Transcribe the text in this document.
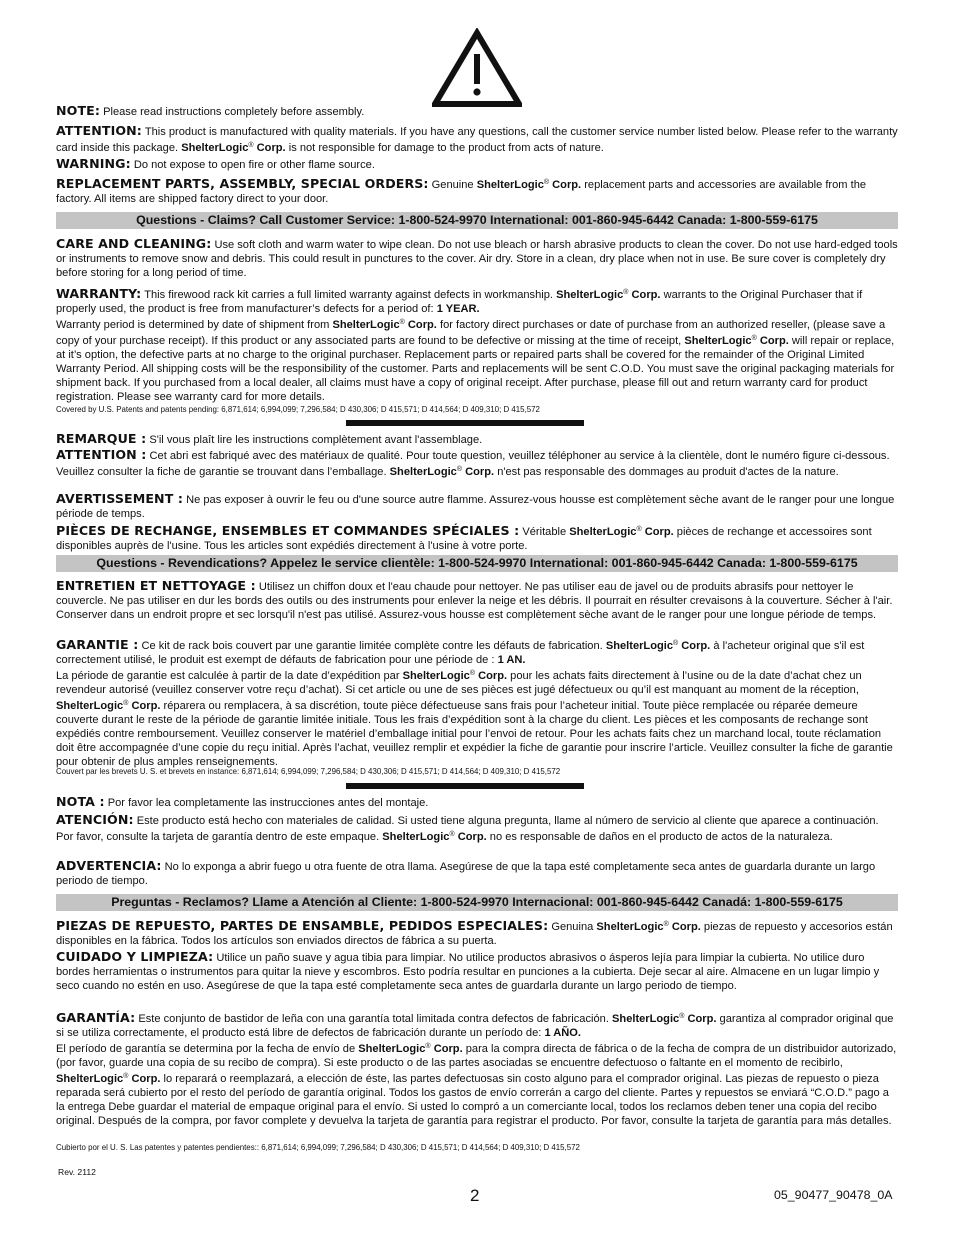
NOTE: Please read instructions completely before assembly.

ATTENTION: This product is manufactured with quality materials. If you have any questions, call the customer service number listed below. Please refer to the warranty card inside this package. ShelterLogic® Corp. is not responsible for damage to the product from acts of nature.

WARNING: Do not expose to open fire or other flame source.

REPLACEMENT PARTS, ASSEMBLY, SPECIAL ORDERS: Genuine ShelterLogic® Corp. replacement parts and accessories are available from the factory. All items are shipped factory direct to your door.

Questions - Claims? Call Customer Service: 1-800-524-9970 International: 001-860-945-6442 Canada: 1-800-559-6175

CARE AND CLEANING: Use soft cloth and warm water to wipe clean. Do not use bleach or harsh abrasive products to clean the cover. Do not use hard-edged tools or instruments to remove snow and debris. This could result in punctures to the cover. Air dry. Store in a clean, dry place when not in use. Be sure cover is completely dry before storing for a long period of time.

WARRANTY: This firewood rack kit carries a full limited warranty against defects in workmanship. ShelterLogic® Corp. warrants to the Original Purchaser that if properly used, the product is free from manufacturer’s defects for a period of: 1 YEAR.
Warranty period is determined by date of shipment from ShelterLogic® Corp. for factory direct purchases or date of purchase from an authorized reseller, (please save a copy of your purchase receipt). If this product or any associated parts are found to be defective or missing at the time of receipt, ShelterLogic® Corp. will repair or replace, at it’s option, the defective parts at no charge to the original purchaser. Replacement parts or repaired parts shall be covered for the remainder of the Original Limited Warranty Period. All shipping costs will be the responsibility of the customer. Parts and replacements will be sent C.O.D. You must save the original packaging materials for shipment back. If you purchased from a local dealer, all claims must have a copy of original receipt. After purchase, please fill out and return warranty card for product registration. Please see warranty card for more details.

Covered by U.S. Patents and patents pending: 6,871,614; 6,994,099; 7,296,584; D 430,306; D 415,571; D 414,564; D 409,310; D 415,572

REMARQUE : S'il vous plaît lire les instructions complètement avant l'assemblage.

ATTENTION : Cet abri est fabriqué avec des matériaux de qualité. Pour toute question, veuillez téléphoner au service à la clientèle, dont le numéro figure ci-dessous. Veuillez consulter la fiche de garantie se trouvant dans l’emballage. ShelterLogic® Corp. n'est pas responsable des dommages au produit d'actes de la nature.

AVERTISSEMENT : Ne pas exposer à ouvrir le feu ou d'une source autre flamme. Assurez-vous housse est complètement sèche avant de le ranger pour une longue période de temps.

PIÈCES DE RECHANGE, ENSEMBLES ET COMMANDES SPÉCIALES : Véritable ShelterLogic® Corp. pièces de rechange et accessoires sont disponibles auprès de l'usine. Tous les articles sont expédiés directement à l'usine à votre porte.

Questions - Revendications? Appelez le service clientèle: 1-800-524-9970 International: 001-860-945-6442 Canada: 1-800-559-6175

ENTRETIEN ET NETTOYAGE : Utilisez un chiffon doux et l'eau chaude pour nettoyer. Ne pas utiliser eau de javel ou de produits abrasifs pour nettoyer le couvercle. Ne pas utiliser en dur les bords des outils ou des instruments pour enlever la neige et les débris. Il pourrait en résulter crevaisons à la couverture. Sécher à l'air. Conserver dans un endroit propre et sec lorsqu'il n'est pas utilisé. Assurez-vous housse est complètement sèche avant de le ranger pour une longue période de temps.

GARANTIE : Ce kit de rack bois couvert par une garantie limitée complète contre les défauts de fabrication. ShelterLogic® Corp. à l'acheteur original que s'il est correctement utilisé, le produit est exempt de défauts de fabrication pour une période de : 1 AN.
La période de garantie est calculée à partir de la date d’expédition par ShelterLogic® Corp. pour les achats faits directement à l’usine ou de la date d’achat chez un revendeur autorisé (veuillez conserver votre reçu d’achat). Si cet article ou une de ses pièces est jugé défectueux ou qu’il est manquant au moment de la réception, ShelterLogic® Corp. réparera ou remplacera, à sa discrétion, toute pièce défectueuse sans frais pour l’acheteur initial. Toute pièce remplacée ou réparée demeure couverte durant le reste de la période de garantie limitée initiale. Tous les frais d’expédition sont à la charge du client. Les pièces et les composants de rechange sont expédiés contre remboursement. Veuillez conserver le matériel d’emballage initial pour l’envoi de retour. Pour les achats faits chez un marchand local, toute réclamation doit être accompagnée d’une copie du reçu initial. Après l’achat, veuillez remplir et expédier la fiche de garantie pour inscrire l’article. Veuillez consulter la fiche de garantie pour obtenir de plus amples renseignements.

Couvert par les brevets U. S. et brevets en instance: 6,871,614; 6,994,099; 7,296,584; D 430,306; D 415,571; D 414,564; D 409,310; D 415,572

NOTA : Por favor lea completamente las instrucciones antes del montaje.

ATENCIÓN: Este producto está hecho con materiales de calidad. Si usted tiene alguna pregunta, llame al número de servicio al cliente que aparece a continuación. Por favor, consulte la tarjeta de garantía dentro de este empaque. ShelterLogic® Corp. no es responsable de daños en el producto de actos de la naturaleza.

ADVERTENCIA: No lo exponga a abrir fuego u otra fuente de otra llama. Asegúrese de que la tapa esté completamente seca antes de guardarla durante un largo periodo de tiempo.

Preguntas - Reclamos? Llame a Atención al Cliente: 1-800-524-9970 Internacional: 001-860-945-6442 Canadá: 1-800-559-6175

PIEZAS DE REPUESTO, PARTES DE ENSAMBLE, PEDIDOS ESPECIALES: Genuina ShelterLogic® Corp. piezas de repuesto y accesorios están disponibles en la fábrica. Todos los artículos son enviados directos de fábrica a su puerta.

CUIDADO Y LIMPIEZA: Utilice un paño suave y agua tibia para limpiar. No utilice productos abrasivos o ásperos lejía para limpiar la cubierta. No utilice duro bordes herramientas o instrumentos para quitar la nieve y escombros. Esto podría resultar en punciones a la cubierta. Deje secar al aire. Almacene en un lugar limpio y seco cuando no estén en uso. Asegúrese de que la tapa esté completamente seca antes de guardarla durante un largo periodo de tiempo.

GARANTÍA: Este conjunto de bastidor de leña con una garantía total limitada contra defectos de fabricación. ShelterLogic® Corp. garantiza al comprador original que si se utiliza correctamente, el producto está libre de defectos de fabricación durante un período de: 1 AÑO.
El período de garantía se determina por la fecha de envío de ShelterLogic® Corp. para la compra directa de fábrica o de la fecha de compra de un distribuidor autorizado, (por favor, guarde una copia de su recibo de compra). Si este producto o de las partes asociadas se encuentre defectuoso o faltante en el momento de recibirlo, ShelterLogic® Corp. lo reparará o reemplazará, a elección de éste, las partes defectuosas sin costo alguno para el comprador original. Las piezas de repuesto o pieza reparada será cubierto por el resto del período de garantía original. Todos los gastos de envío correrán a cargo del cliente. Partes y repuestos se enviará “C.O.D.” pago a la entrega Debe guardar el material de empaque original para el envío. Si usted lo compró a un comerciante local, todos los reclamos deben tener una copia del recibo original. Después de la compra, por favor complete y devuelva la tarjeta de garantía para registrar el producto. Por favor, consulte la tarjeta de garantía para más detalles.

Cubierto por el U. S. Las patentes y patentes pendientes:: 6,871,614; 6,994,099; 7,296,584; D 430,306; D 415,571; D 414,564; D 409,310; D 415,572

Rev. 2112
2	05_90477_90478_0A
